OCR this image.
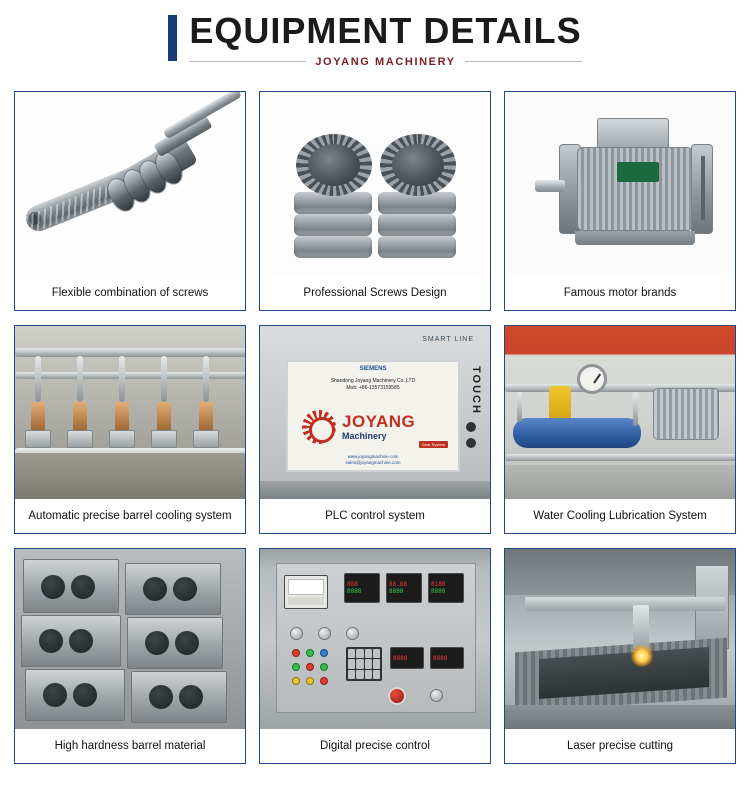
EQUIPMENT DETAILS
JOYANG MACHINERY
Flexible combination of screws	Professional Screws Design	Famous motor brands
Automatic precise barrel cooling system
SMART LINE
SIEMENS
Shandong Joyang Machinery Co.,LTD
Mob: +86-13573159585
JOYANG
Machinery
Gear System
www.joyangmachine.com
sales@joyangmachine.com
TOUCH
PLC control system	Water Cooling Lubrication System
High hardness barrel material
888
8888
88.88
8888
8188
8888
8888	8888
Digital precise control	Laser precise cutting
